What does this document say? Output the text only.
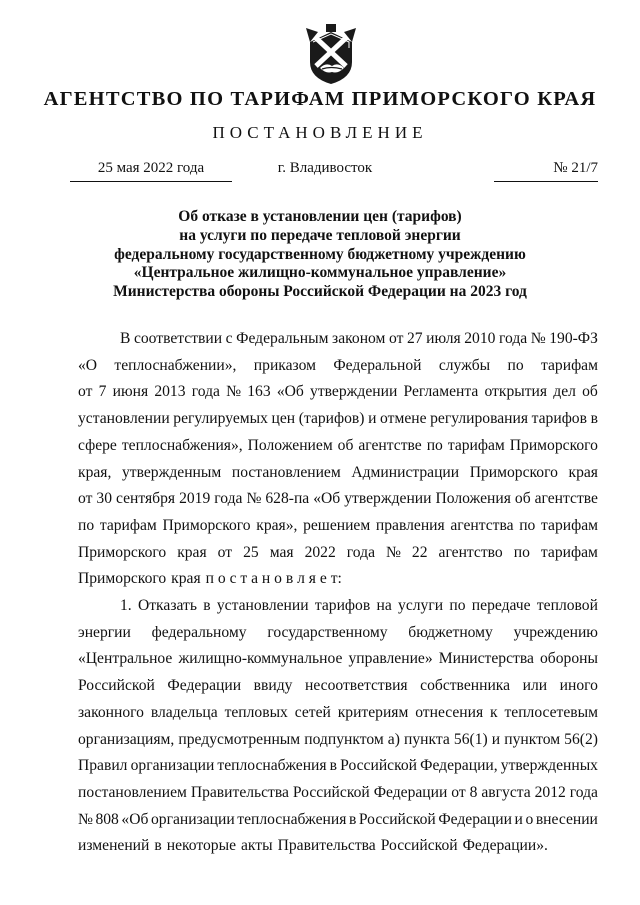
АГЕНТСТВО ПО ТАРИФАМ ПРИМОРСКОГО КРАЯ
ПОСТАНОВЛЕНИЕ
25 мая 2022 года	г. Владивосток	№ 21/7
Об отказе в установлении цен (тарифов)
на услуги по передаче тепловой энергии
федеральному государственному бюджетному учреждению
«Центральное жилищно-коммунальное управление»
Министерства обороны Российской Федерации на 2023 год
В соответствии с Федеральным законом от 27 июля 2010 года № 190-ФЗ
«О теплоснабжении», приказом Федеральной службы по тарифам
от 7 июня 2013 года № 163 «Об утверждении Регламента открытия дел об
установлении регулируемых цен (тарифов) и отмене регулирования тарифов в
сфере теплоснабжения», Положением об агентстве по тарифам Приморского
края, утвержденным постановлением Администрации Приморского края
от 30 сентября 2019 года № 628-па «Об утверждении Положения об агентстве
по тарифам Приморского края», решением правления агентства по тарифам
Приморского края от 25 мая 2022 года № 22 агентство по тарифам
Приморского края п о с т а н о в л я е т:
1. Отказать в установлении тарифов на услуги по передаче тепловой
энергии федеральному государственному бюджетному учреждению
«Центральное жилищно-коммунальное управление» Министерства обороны
Российской Федерации ввиду несоответствия собственника или иного
законного владельца тепловых сетей критериям отнесения к теплосетевым
организациям, предусмотренным подпунктом а) пункта 56(1) и пунктом 56(2)
Правил организации теплоснабжения в Российской Федерации, утвержденных
постановлением Правительства Российской Федерации от 8 августа 2012 года
№ 808 «Об организации теплоснабжения в Российской Федерации и о внесении
изменений в некоторые акты Правительства Российской Федерации».
